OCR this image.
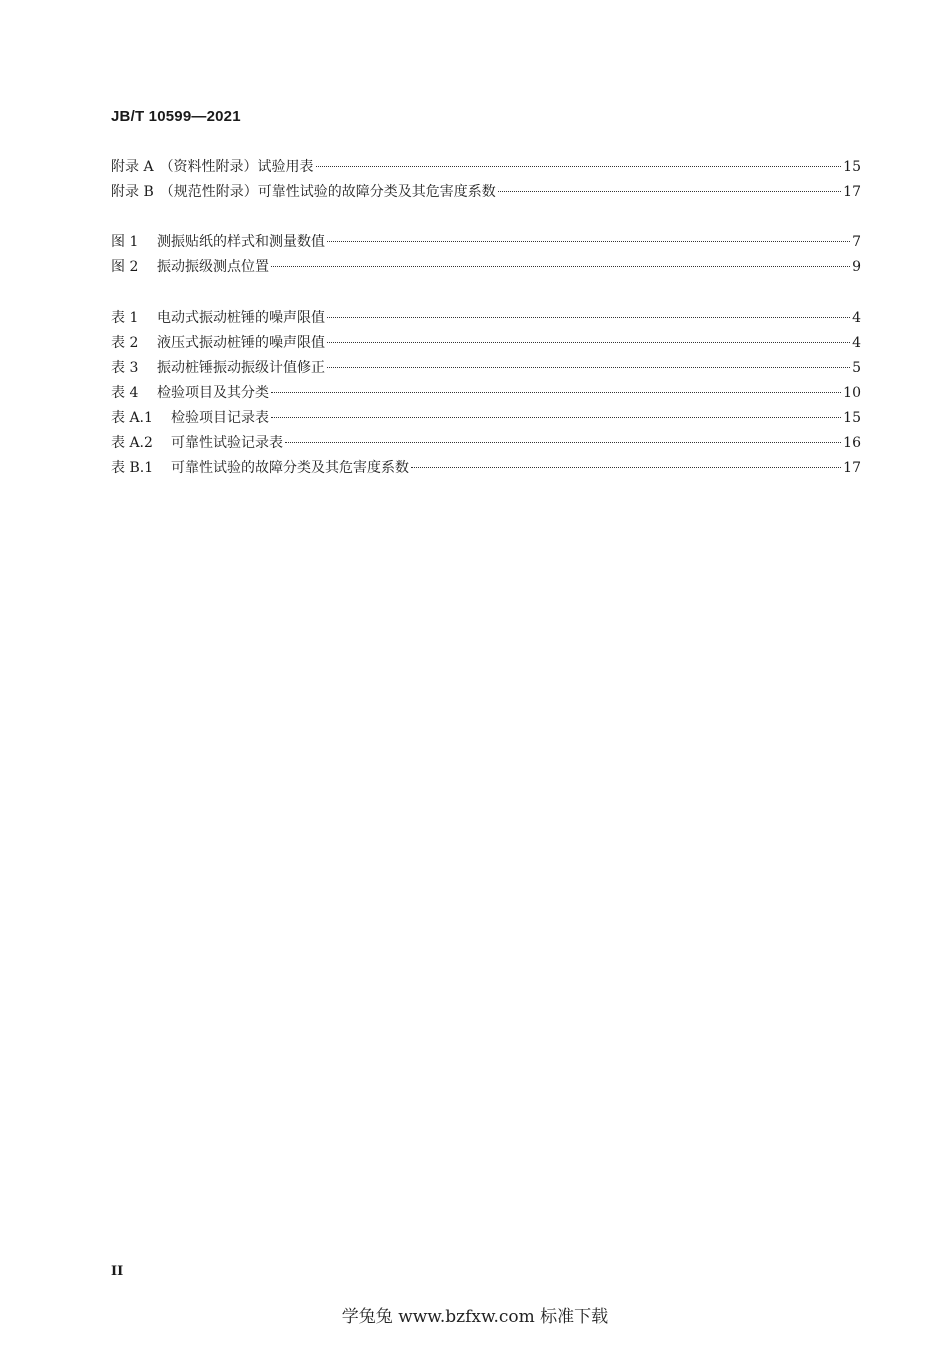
JB/T 10599—2021
附录 A （资料性附录）试验用表	15
附录 B （规范性附录）可靠性试验的故障分类及其危害度系数	17
图 1	测振贴纸的样式和测量数值	7
图 2	振动振级测点位置	9
表 1	电动式振动桩锤的噪声限值	4
表 2	液压式振动桩锤的噪声限值	4
表 3	振动桩锤振动振级计值修正	5
表 4	检验项目及其分类	10
表 A.1	检验项目记录表	15
表 A.2	可靠性试验记录表	16
表 B.1	可靠性试验的故障分类及其危害度系数	17
II
学兔兔 www.bzfxw.com 标准下载
